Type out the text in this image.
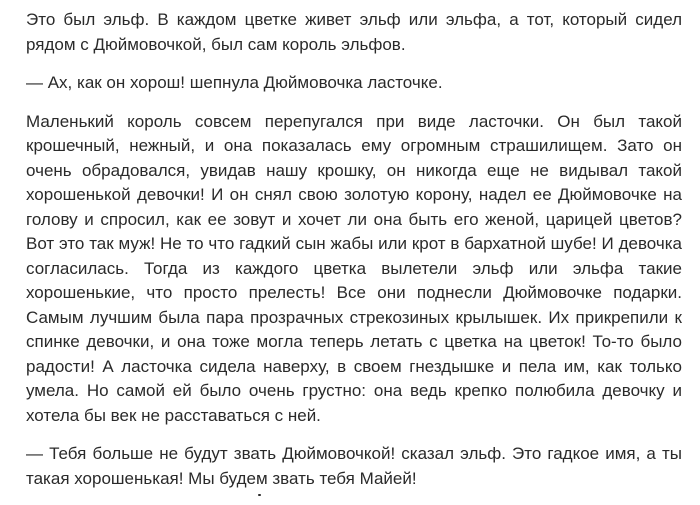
Это был эльф. В каждом цветке живет эльф или эльфа, а тот, который сидел рядом с Дюймовочкой, был сам король эльфов.

— Ах, как он хорош! шепнула Дюймовочка ласточке.

Маленький король совсем перепугался при виде ласточки. Он был такой крошечный, нежный, и она показалась ему огромным страшилищем. Зато он очень обрадовался, увидав нашу крошку, он никогда еще не видывал такой хорошенькой девочки! И он снял свою золотую корону, надел ее Дюймовочке на голову и спросил, как ее зовут и хочет ли она быть его женой, царицей цветов? Вот это так муж! Не то что гадкий сын жабы или крот в бархатной шубе! И девочка согласилась. Тогда из каждого цветка вылетели эльф или эльфа такие хорошенькие, что просто прелесть! Все они поднесли Дюймовочке подарки. Самым лучшим была пара прозрачных стрекозиных крылышек. Их прикрепили к спинке девочки, и она тоже могла теперь летать с цветка на цветок! То-то было радости! А ласточка сидела наверху, в своем гнездышке и пела им, как только умела. Но самой ей было очень грустно: она ведь крепко полюбила девочку и хотела бы век не расставаться с ней.

— Тебя больше не будут звать Дюймовочкой! сказал эльф. Это гадкое имя, а ты такая хорошенькая! Мы будем звать тебя Майей!
